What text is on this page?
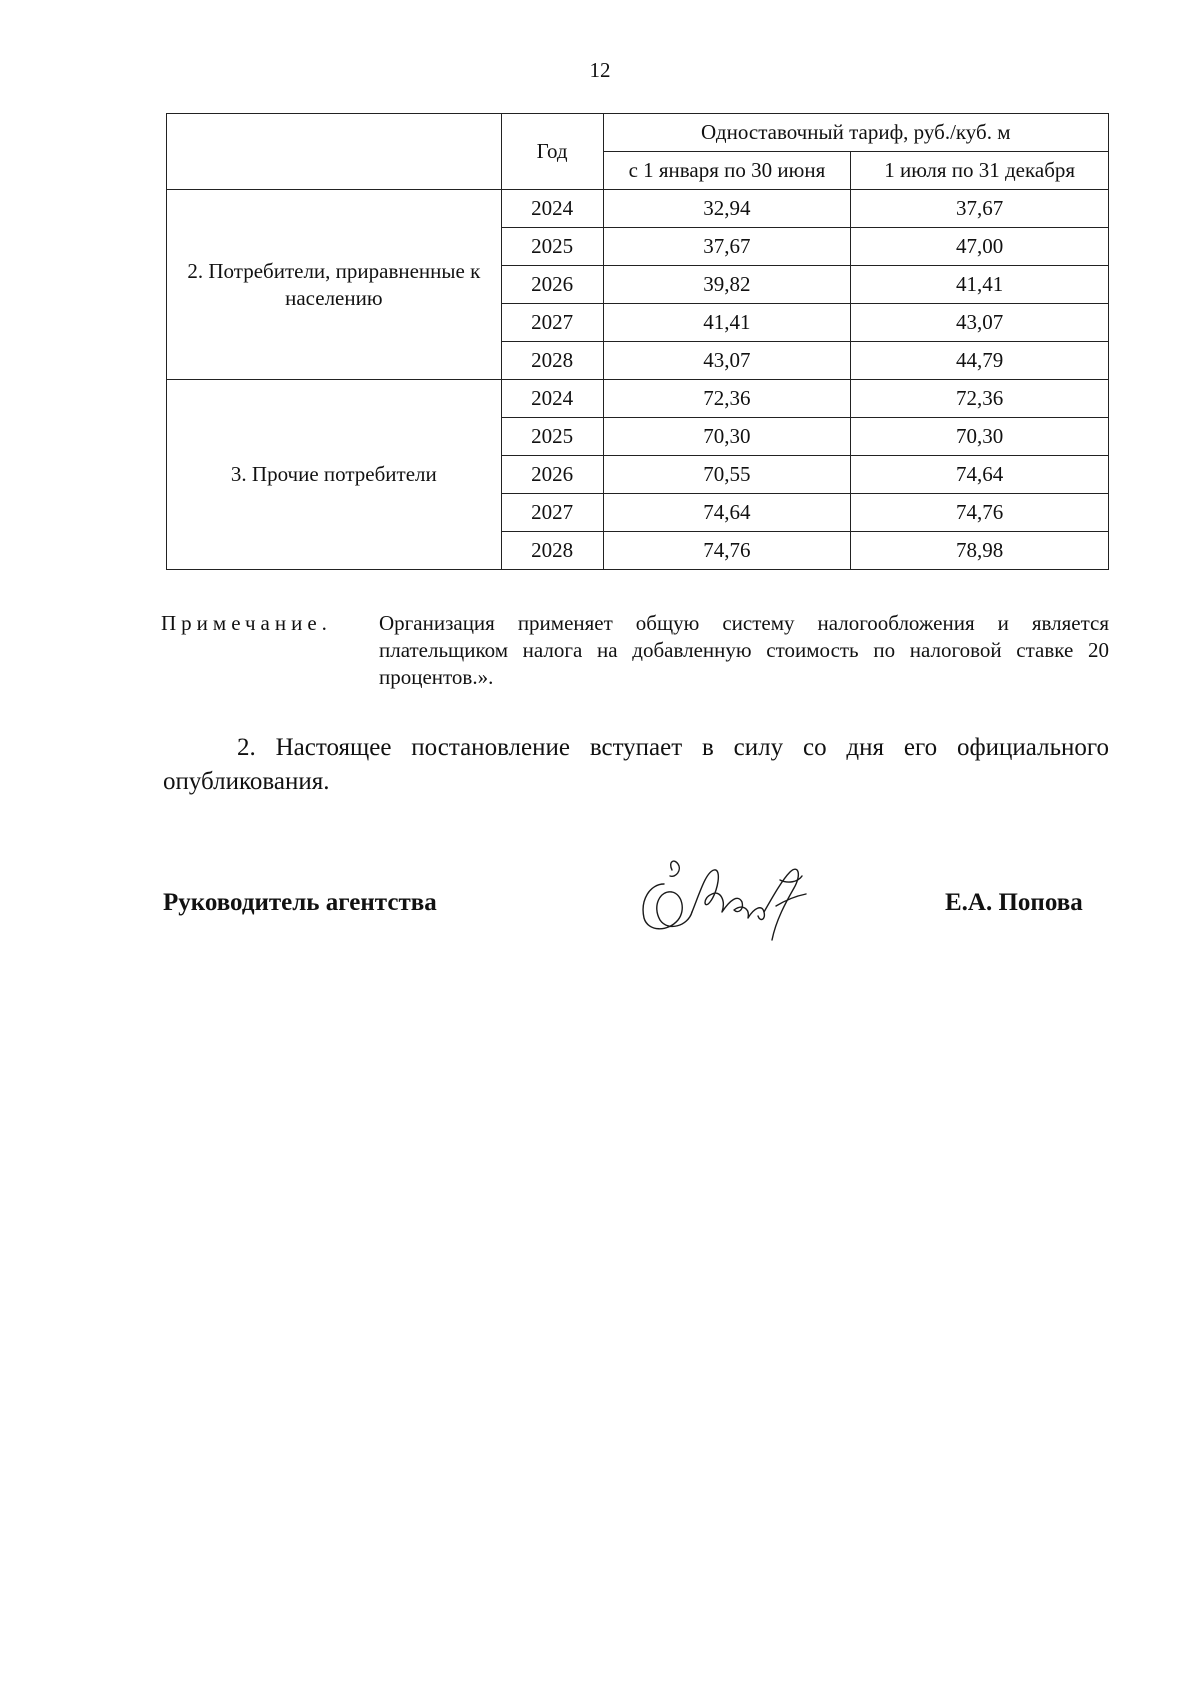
12
	Год	Одноставочный тариф, руб./куб. м	
		с 1 января по 30 июня	1 июля по 31 декабря
2. Потребители, приравненные к населению	2024	32,94	37,67
	2025	37,67	47,00
	2026	39,82	41,41
	2027	41,41	43,07
	2028	43,07	44,79
3. Прочие потребители	2024	72,36	72,36
	2025	70,30	70,30
	2026	70,55	74,64
	2027	74,64	74,76
	2028	74,76	78,98
Примечание. Организация применяет общую систему налогообложения и является плательщиком налога на добавленную стоимость по налоговой ставке 20 процентов.».
2. Настоящее постановление вступает в силу со дня его официального опубликования.
Руководитель агентства	Е.А. Попова
